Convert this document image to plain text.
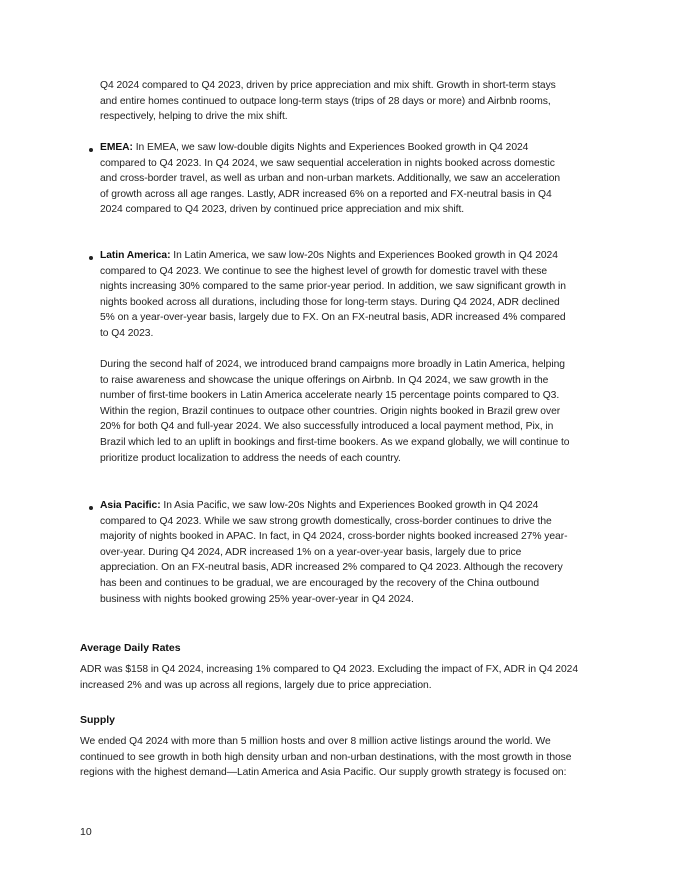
Q4 2024 compared to Q4 2023, driven by price appreciation and mix shift. Growth in short-term stays and entire homes continued to outpace long-term stays (trips of 28 days or more) and Airbnb rooms, respectively, helping to drive the mix shift.

EMEA: In EMEA, we saw low-double digits Nights and Experiences Booked growth in Q4 2024 compared to Q4 2023. In Q4 2024, we saw sequential acceleration in nights booked across domestic and cross-border travel, as well as urban and non-urban markets. Additionally, we saw an acceleration of growth across all age ranges. Lastly, ADR increased 6% on a reported and FX-neutral basis in Q4 2024 compared to Q4 2023, driven by continued price appreciation and mix shift.

Latin America: In Latin America, we saw low-20s Nights and Experiences Booked growth in Q4 2024 compared to Q4 2023. We continue to see the highest level of growth for domestic travel with these nights increasing 30% compared to the same prior-year period. In addition, we saw significant growth in nights booked across all durations, including those for long-term stays. During Q4 2024, ADR declined 5% on a year-over-year basis, largely due to FX. On an FX-neutral basis, ADR increased 4% compared to Q4 2023.

During the second half of 2024, we introduced brand campaigns more broadly in Latin America, helping to raise awareness and showcase the unique offerings on Airbnb. In Q4 2024, we saw growth in the number of first-time bookers in Latin America accelerate nearly 15 percentage points compared to Q3. Within the region, Brazil continues to outpace other countries. Origin nights booked in Brazil grew over 20% for both Q4 and full-year 2024. We also successfully introduced a local payment method, Pix, in Brazil which led to an uplift in bookings and first-time bookers. As we expand globally, we will continue to prioritize product localization to address the needs of each country.

Asia Pacific: In Asia Pacific, we saw low-20s Nights and Experiences Booked growth in Q4 2024 compared to Q4 2023. While we saw strong growth domestically, cross-border continues to drive the majority of nights booked in APAC. In fact, in Q4 2024, cross-border nights booked increased 27% year-over-year. During Q4 2024, ADR increased 1% on a year-over-year basis, largely due to price appreciation. On an FX-neutral basis, ADR increased 2% compared to Q4 2023. Although the recovery has been and continues to be gradual, we are encouraged by the recovery of the China outbound business with nights booked growing 25% year-over-year in Q4 2024.

Average Daily Rates

ADR was $158 in Q4 2024, increasing 1% compared to Q4 2023. Excluding the impact of FX, ADR in Q4 2024 increased 2% and was up across all regions, largely due to price appreciation.

Supply

We ended Q4 2024 with more than 5 million hosts and over 8 million active listings around the world. We continued to see growth in both high density urban and non-urban destinations, with the most growth in those regions with the highest demand—Latin America and Asia Pacific. Our supply growth strategy is focused on:

10
